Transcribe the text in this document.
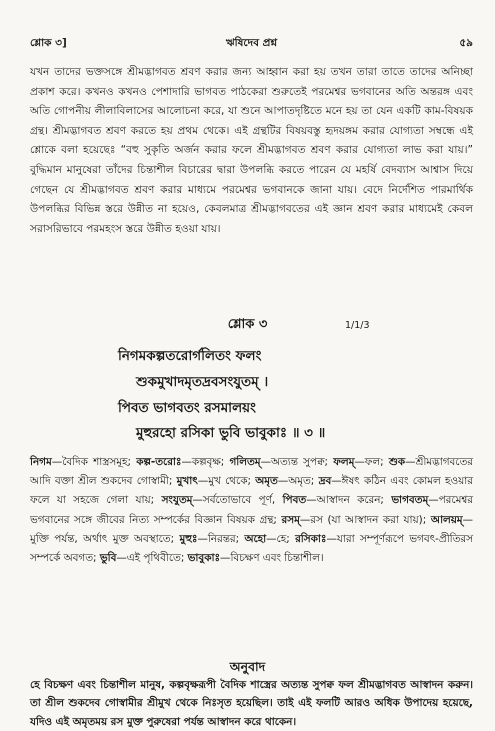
শ্লোক ৩]	ঋষিদেব প্রশ্ন	৫৯
যখন তাদের ভক্তসঙ্গে শ্রীমদ্ভাগবত শ্রবণ করার জন্য আহ্বান করা হয় তখন তারা তাতে তাদের অনিচ্ছা প্রকাশ করে। কখনও কখনও পেশাদারি ভাগবত পাঠকেরা শুরুতেই পরমেশ্বর ভগবানের অতি অন্তরঙ্গ এবং অতি গোপনীয় লীলাবিলাসের আলোচনা করে, যা শুনে আপাতদৃষ্টিতে মনে হয় তা যেন একটি কাম-বিষয়ক গ্রন্থ। শ্রীমদ্ভাগবত শ্রবণ করতে হয় প্রথম থেকে। এই গ্রন্থটির বিষয়বস্তু হৃদয়ঙ্গম করার যোগ্যতা সম্বন্ধে এই শ্লোকে বলা হয়েছেঃ “বহু সুকৃতি অর্জন করার ফলে শ্রীমদ্ভাগবত শ্রবণ করার যোগ্যতা লাভ করা যায়।” বুদ্ধিমান মানুষেরা তাঁদের চিন্তাশীল বিচারের দ্বারা উপলব্ধি করতে পারেন যে মহর্ষি বেদব্যাস আশ্বাস দিয়ে গেছেন যে শ্রীমদ্ভাগবত শ্রবণ করার মাধ্যমে পরমেশ্বর ভগবানকে জানা যায়। বেদে নির্দেশিত পারমার্থিক উপলব্ধির বিভিন্ন স্তরে উন্নীত না হয়েও, কেবলমাত্র শ্রীমদ্ভাগবতের এই জ্ঞান শ্রবণ করার মাধ্যমেই কেবল সরাসরিভাবে পরমহংস স্তরে উন্নীত হওয়া যায়।
শ্লোক ৩	1/1/3
নিগমকল্পতরোর্গলিতং ফলং
শুকমুখাদমৃতদ্রবসংযুতম্ ।
পিবত ভাগবতং রসমালয়ং
মুহুরহো রসিকা ভুবি ভাবুকাঃ ॥ ৩ ॥
নিগম—বৈদিক শাস্ত্রসমূহ; কল্প-তরোঃ—কল্পবৃক্ষ; গলিতম্—অত্যন্ত সুপক্ব; ফলম্—ফল; শুক—শ্রীমদ্ভাগবতের আদি বক্তা শ্রীল শুকদেব গোস্বামী; মুখাৎ—মুখ থেকে; অমৃত—অমৃত; দ্রব—ঈষৎ কঠিন এবং কোমল হওয়ার ফলে যা সহজে গেলা যায়; সংযুতম্—সর্বতোভাবে পূর্ণ, পিবত—আস্বাদন করেন; ভাগবতম্—পরমেশ্বর ভগবানের সঙ্গে জীবের নিত্য সম্পর্কের বিজ্ঞান বিষয়ক গ্রন্থ; রসম্—রস (যা আস্বাদন করা যায়); আলয়ম্—মুক্তি পর্যন্ত, অর্থাৎ মুক্ত অবস্থাতে; মুহুঃ—নিরন্তর; অহো—হে; রসিকাঃ—যারা সম্পূর্ণরূপে ভগবৎ-প্রীতিরস সম্পর্কে অবগত; ভুবি—এই পৃথিবীতে; ভাবুকাঃ—বিচক্ষণ এবং চিন্তাশীল।
অনুবাদ
হে বিচক্ষণ এবং চিন্তাশীল মানুষ, কল্পবৃক্ষরূপী বৈদিক শাস্ত্রের অত্যন্ত সুপক্ব ফল শ্রীমদ্ভাগবত আস্বাদন করুন। তা শ্রীল শুকদেব গোস্বামীর শ্রীমুখ থেকে নিঃসৃত হয়েছিল। তাই এই ফলটি আরও অধিক উপাদেয় হয়েছে, যদিও এই অমৃতময় রস মুক্ত পুরুষেরা পর্যন্ত আস্বাদন করে থাকেন।
